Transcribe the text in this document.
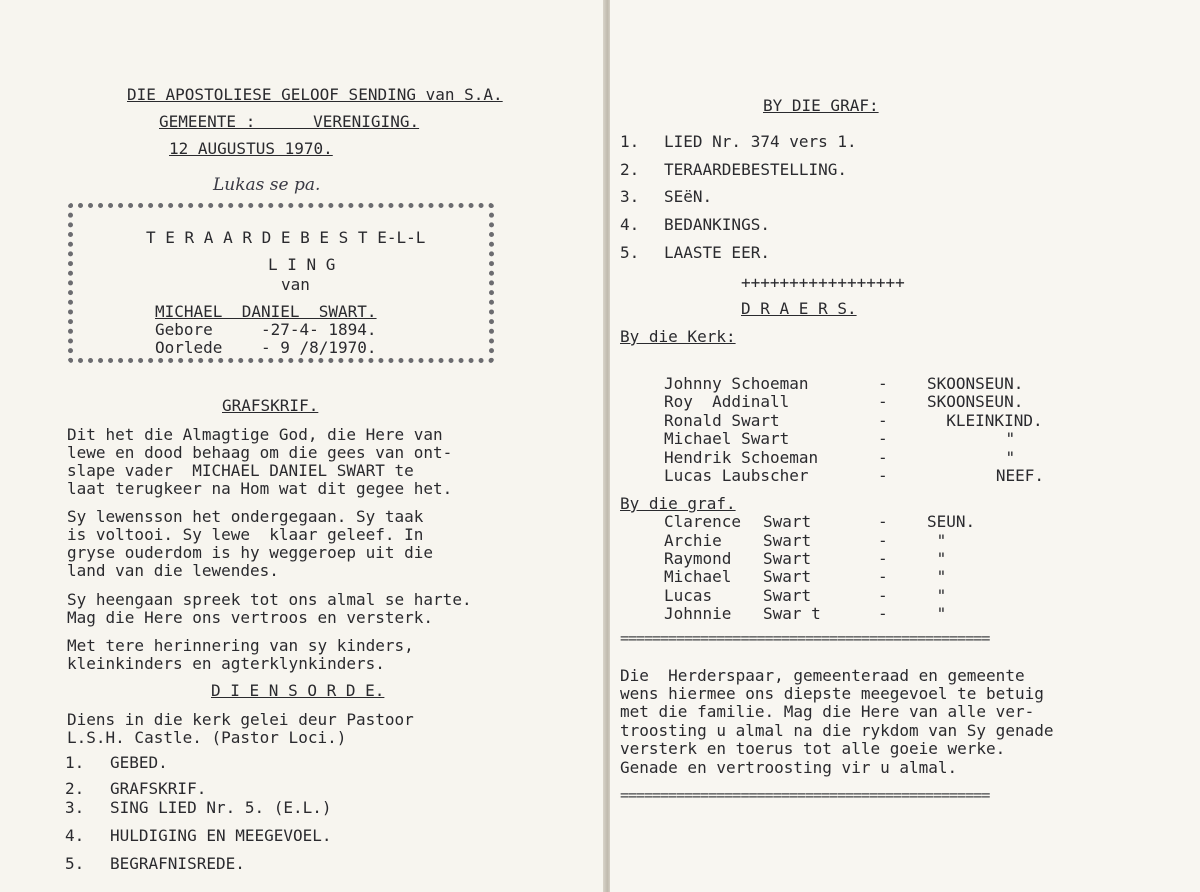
DIE APOSTOLIESE GELOOF SENDING van S.A.
GEMEENTE :      VERENIGING.
12 AUGUSTUS 1970.
Lukas se pa.
T E R A A R D E B E S T E-L-L
L I N G
van
MICHAEL  DANIEL  SWART.
Gebore     -27-4- 1894.
Oorlede    - 9 /8/1970.
GRAFSKRIF.
Dit het die Almagtige God, die Here van
lewe en dood behaag om die gees van ont-
slape vader  MICHAEL DANIEL SWART te
laat terugkeer na Hom wat dit gegee het.
Sy lewensson het ondergegaan. Sy taak
is voltooi. Sy lewe  klaar geleef. In
gryse ouderdom is hy weggeroep uit die
land van die lewendes.
Sy heengaan spreek tot ons almal se harte.
Mag die Here ons vertroos en versterk.
Met tere herinnering van sy kinders,
kleinkinders en agterklynkinders.
D I E N S O R D E.
Diens in die kerk gelei deur Pastoor
L.S.H. Castle. (Pastor Loci.)
1. GEBED.
2. GRAFSKRIF.
3. SING LIED Nr. 5. (E.L.)
4. HULDIGING EN MEEGEVOEL.
5. BEGRAFNISREDE.
BY DIE GRAF:
1. LIED Nr. 374 vers 1.
2. TERAARDEBESTELLING.
3. SEëN.
4. BEDANKINGS.
5. LAASTE EER.
+++++++++++++++++
D R A E R S.
By die Kerk:
Johnny Schoeman	- SKOONSEUN.
Roy  Addinall	- SKOONSEUN.
Ronald Swart	- KLEINKIND.
Michael Swart	-	"
Hendrik Schoeman	-	"
Lucas Laubscher	-	NEEF.
By die graf.
Clarence Swart	- SEUN.
Archie	Swart	- "
Raymond Swart	- "
Michael Swart	- "
Lucas	Swart	- "
Johnnie Swar t	- "
==============================================
Die  Herderspaar, gemeenteraad en gemeente
wens hiermee ons diepste meegevoel te betuig
met die familie. Mag die Here van alle ver-
troosting u almal na die rykdom van Sy genade
versterk en toerus tot alle goeie werke.
Genade en vertroosting vir u almal.
==============================================
